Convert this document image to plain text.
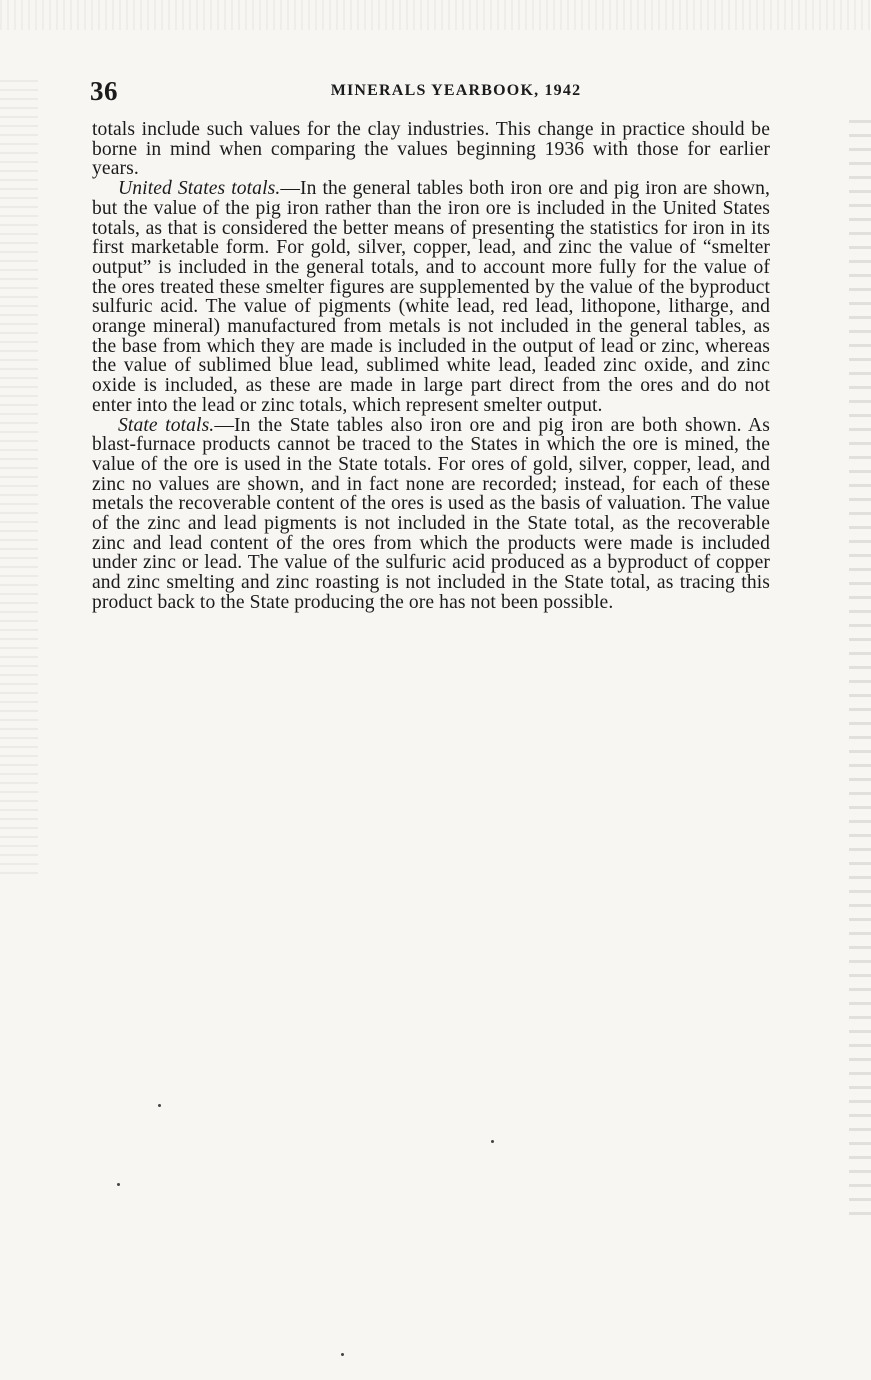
36	MINERALS YEARBOOK, 1942

totals include such values for the clay industries. This change in practice should be borne in mind when comparing the values beginning 1936 with those for earlier years.

United States totals.—In the general tables both iron ore and pig iron are shown, but the value of the pig iron rather than the iron ore is included in the United States totals, as that is considered the better means of presenting the statistics for iron in its first marketable form. For gold, silver, copper, lead, and zinc the value of “smelter output” is included in the general totals, and to account more fully for the value of the ores treated these smelter figures are supplemented by the value of the byproduct sulfuric acid. The value of pigments (white lead, red lead, lithopone, litharge, and orange mineral) manufactured from metals is not included in the general tables, as the base from which they are made is included in the output of lead or zinc, whereas the value of sublimed blue lead, sublimed white lead, leaded zinc oxide, and zinc oxide is included, as these are made in large part direct from the ores and do not enter into the lead or zinc totals, which represent smelter output.

State totals.—In the State tables also iron ore and pig iron are both shown. As blast-furnace products cannot be traced to the States in which the ore is mined, the value of the ore is used in the State totals. For ores of gold, silver, copper, lead, and zinc no values are shown, and in fact none are recorded; instead, for each of these metals the recoverable content of the ores is used as the basis of valuation. The value of the zinc and lead pigments is not included in the State total, as the recoverable zinc and lead content of the ores from which the products were made is included under zinc or lead. The value of the sulfuric acid produced as a byproduct of copper and zinc smelting and zinc roasting is not included in the State total, as tracing this product back to the State producing the ore has not been possible.
